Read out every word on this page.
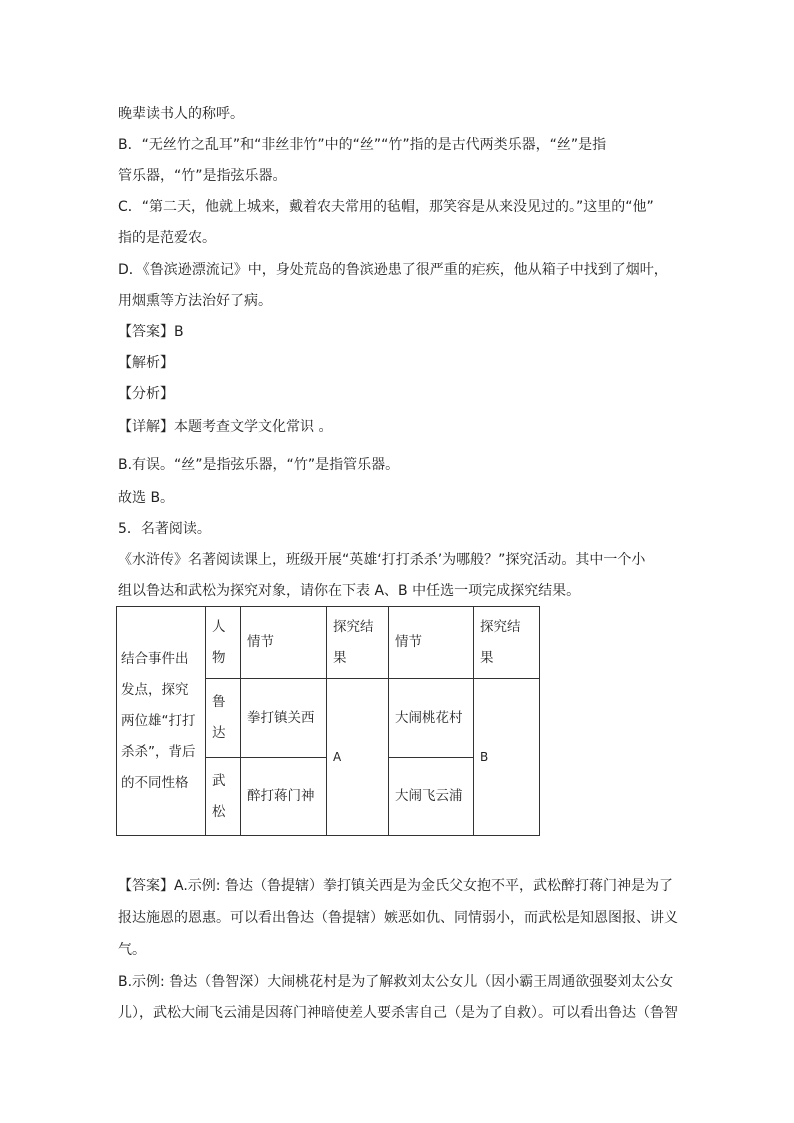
晚辈读书人的称呼。
B．“无丝竹之乱耳”和“非丝非竹”中的“丝”“竹”指的是古代两类乐器，“丝”是指
管乐器，“竹”是指弦乐器。
C．“第二天，他就上城来，戴着农夫常用的毡帽，那笑容是从来没见过的。”这里的“他”
指的是范爱农。
D．《鲁滨逊漂流记》中，身处荒岛的鲁滨逊患了很严重的疟疾，他从箱子中找到了烟叶，
用烟熏等方法治好了病。
【答案】B
【解析】
【分析】
【详解】本题考查文学文化常识 。
B.有误。“丝”是指弦乐器，“竹”是指管乐器。
故选 B。
5．名著阅读。
《水浒传》名著阅读课上，班级开展“英雄‘打打杀杀’为哪般？”探究活动。其中一个小
组以鲁达和武松为探究对象，请你在下表 A、B 中任选一项完成探究结果。
结合事件出发点，探究两位雄“打打杀杀”，背后的不同性格	人物	情节	探究结果	情节	探究结果
	鲁达	拳打镇关西	A	大闹桃花村	B
	武松	醉打蒋门神		大闹飞云浦	
【答案】A.示例: 鲁达（鲁提辖）拳打镇关西是为金氏父女抱不平，武松醉打蒋门神是为了
报达施恩的恩惠。可以看出鲁达（鲁提辖）嫉恶如仇、同情弱小，而武松是知恩图报、讲义
气。
B.示例: 鲁达（鲁智深）大闹桃花村是为了解救刘太公女儿（因小霸王周通欲强娶刘太公女
儿），武松大闹飞云浦是因蒋门神暗使差人要杀害自己（是为了自救）。可以看出鲁达（鲁智
